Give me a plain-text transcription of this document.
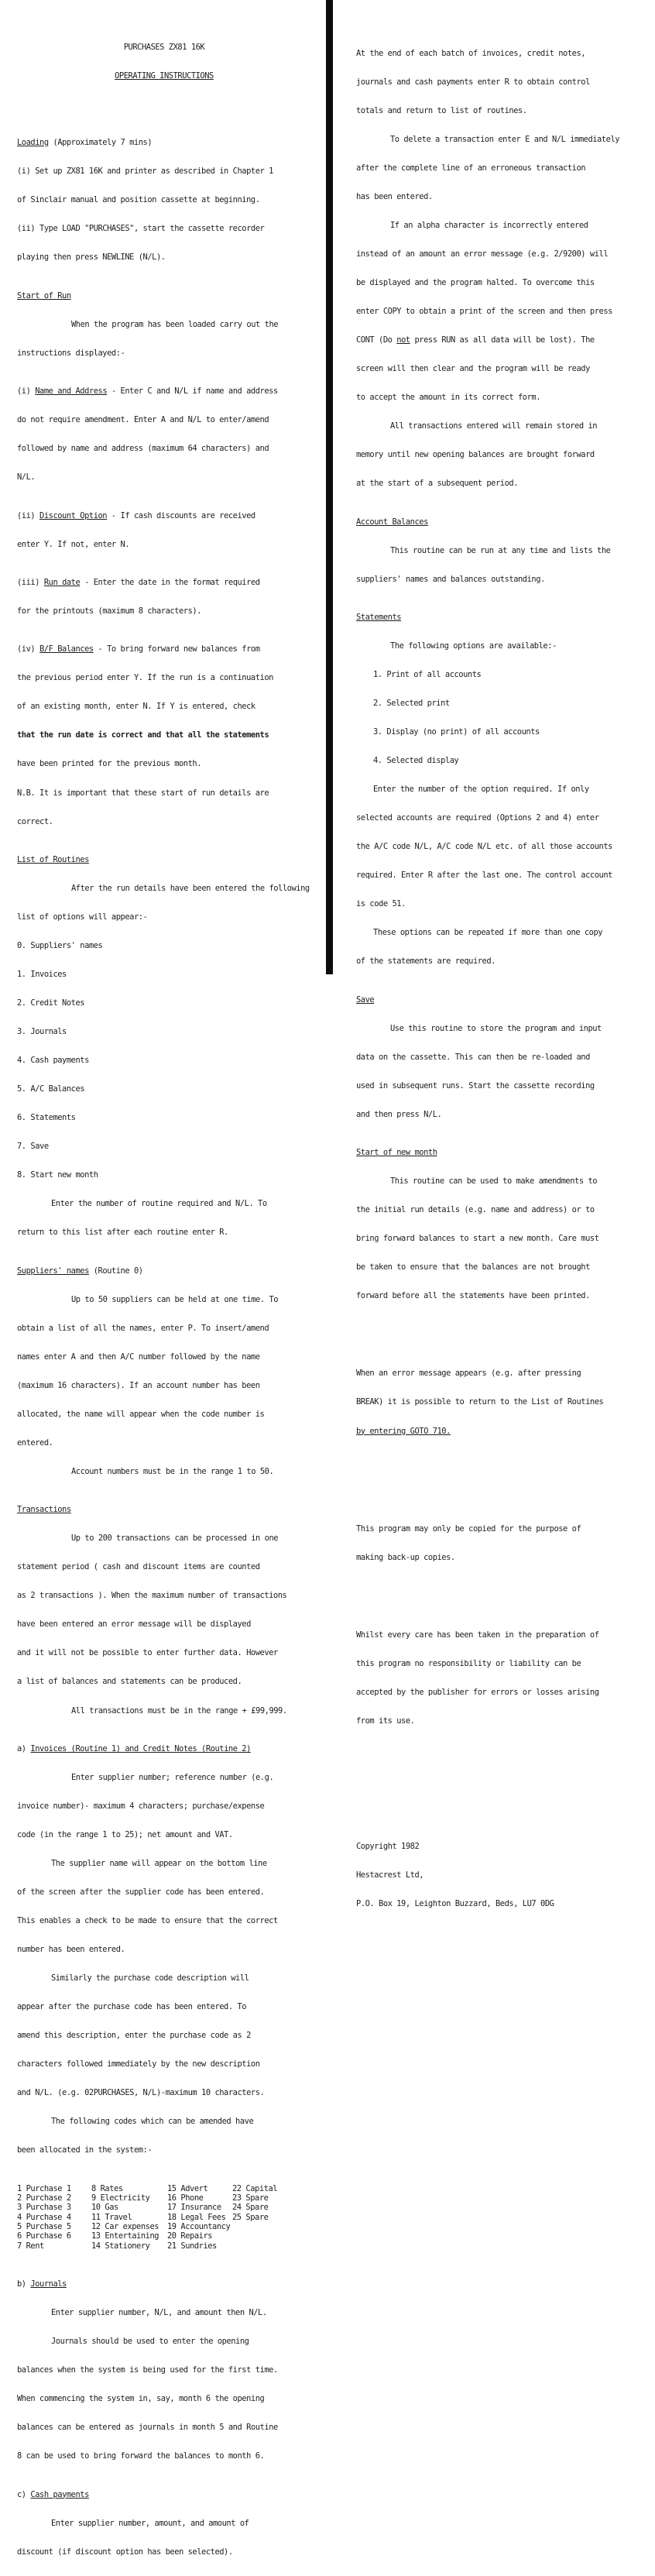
PURCHASES ZX81 16K

OPERATING INSTRUCTIONS

Loading (Approximately 7 mins)

(i) Set up ZX81 16K and printer as described in Chapter 1

of Sinclair manual and position cassette at beginning.

(ii) Type LOAD "PURCHASES", start the cassette recorder

playing then press NEWLINE (N/L).

Start of Run

When the program has been loaded carry out the

instructions displayed:-

(i) Name and Address - Enter C and N/L if name and address

do not require amendment. Enter A and N/L to enter/amend

followed by name and address (maximum 64 characters) and

N/L.

(ii) Discount Option - If cash discounts are received

enter Y. If not, enter N.

(iii) Run date - Enter the date in the format required

for the printouts (maximum 8 characters).

(iv) B/F Balances - To bring forward new balances from

the previous period enter Y. If the run is a continuation

of an existing month, enter N. If Y is entered, check

that the run date is correct and that all the statements

have been printed for the previous month.

N.B. It is important that these start of run details are

correct.

List of Routines

After the run details have been entered the following

list of options will appear:-

0. Suppliers' names

1. Invoices

2. Credit Notes

3. Journals

4. Cash payments

5. A/C Balances

6. Statements

7. Save

8. Start new month

Enter the number of routine required and N/L. To

return to this list after each routine enter R.

Suppliers' names (Routine 0)

Up to 50 suppliers can be held at one time. To

obtain a list of all the names, enter P. To insert/amend

names enter A and then A/C number followed by the name

(maximum 16 characters). If an account number has been

allocated, the name will appear when the code number is

entered.

Account numbers must be in the range 1 to 50.

Transactions

Up to 200 transactions can be processed in one

statement period ( cash and discount items are counted

as 2 transactions ). When the maximum number of transactions

have been entered an error message will be displayed

and it will not be possible to enter further data. However

a list of balances and statements can be produced.

All transactions must be in the range + £99,999.

a) Invoices (Routine 1) and Credit Notes (Routine 2)

Enter supplier number; reference number (e.g.

invoice number)- maximum 4 characters; purchase/expense

code (in the range 1 to 25); net amount and VAT.

The supplier name will appear on the bottom line

of the screen after the supplier code has been entered.

This enables a check to be made to ensure that the correct

number has been entered.

Similarly the purchase code description will

appear after the purchase code has been entered. To

amend this description, enter the purchase code as 2

characters followed immediately by the new description

and N/L. (e.g. 02PURCHASES, N/L)-maximum 10 characters.

The following codes which can be amended have

been allocated in the system:-

1 Purchase 1	8 Rates	15 Advert	22 Capital
2 Purchase 2	9 Electricity	16 Phone	23 Spare
3 Purchase 3	10 Gas	17 Insurance	24 Spare
4 Purchase 4	11 Travel	18 Legal Fees	25 Spare
5 Purchase 5	12 Car expenses	19 Accountancy	
6 Purchase 6	13 Entertaining	20 Repairs	
7 Rent	14 Stationery	21 Sundries	

b) Journals

Enter supplier number, N/L, and amount then N/L.

Journals should be used to enter the opening

balances when the system is being used for the first time.

When commencing the system in, say, month 6 the opening

balances can be entered as journals in month 5 and Routine

8 can be used to bring forward the balances to month 6.

c) Cash payments

Enter supplier number, amount, and amount of

discount (if discount option has been selected).

At the end of each batch of invoices, credit notes,

journals and cash payments enter R to obtain control

totals and return to list of routines.

To delete a transaction enter E and N/L immediately

after the complete line of an erroneous transaction

has been entered.

If an alpha character is incorrectly entered

instead of an amount an error message (e.g. 2/9200) will

be displayed and the program halted. To overcome this

enter COPY to obtain a print of the screen and then press

CONT (Do not press RUN as all data will be lost). The

screen will then clear and the program will be ready

to accept the amount in its correct form.

All transactions entered will remain stored in

memory until new opening balances are brought forward

at the start of a subsequent period.

Account Balances

This routine can be run at any time and lists the

suppliers' names and balances outstanding.

Statements

The following options are available:-

1. Print of all accounts

2. Selected print

3. Display (no print) of all accounts

4. Selected display

Enter the number of the option required. If only

selected accounts are required (Options 2 and 4) enter

the A/C code N/L, A/C code N/L etc. of all those accounts

required. Enter R after the last one. The control account

is code 51.

These options can be repeated if more than one copy

of the statements are required.

Save

Use this routine to store the program and input

data on the cassette. This can then be re-loaded and

used in subsequent runs. Start the cassette recording

and then press N/L.

Start of new month

This routine can be used to make amendments to

the initial run details (e.g. name and address) or to

bring forward balances to start a new month. Care must

be taken to ensure that the balances are not brought

forward before all the statements have been printed.

When an error message appears (e.g. after pressing

BREAK) it is possible to return to the List of Routines

by entering GOTO 710.

This program may only be copied for the purpose of

making back-up copies.

Whilst every care has been taken in the preparation of

this program no responsibility or liability can be

accepted by the publisher for errors or losses arising

from its use.

Copyright 1982

Hestacrest Ltd,

P.O. Box 19, Leighton Buzzard, Beds, LU7 0DG
